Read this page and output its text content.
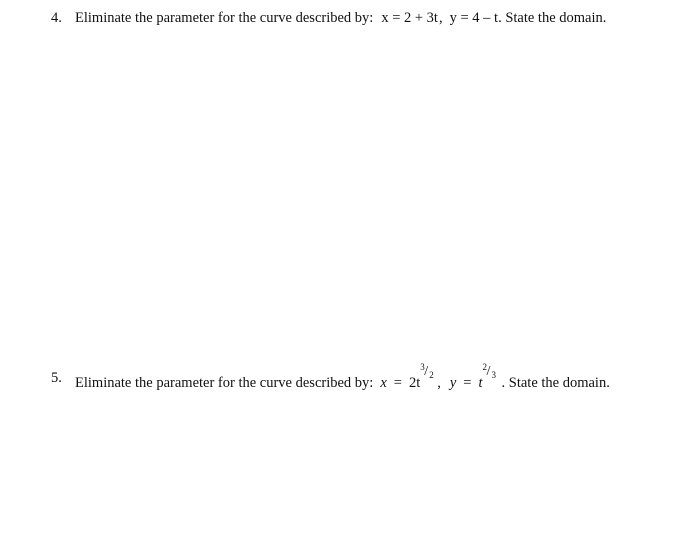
4. Eliminate the parameter for the curve described by: x = 2 + 3t, y = 4 – t. State the domain.
5. Eliminate the parameter for the curve described by: x = 2t
3 / 2 , y = t
2 / 3 . State the domain.
